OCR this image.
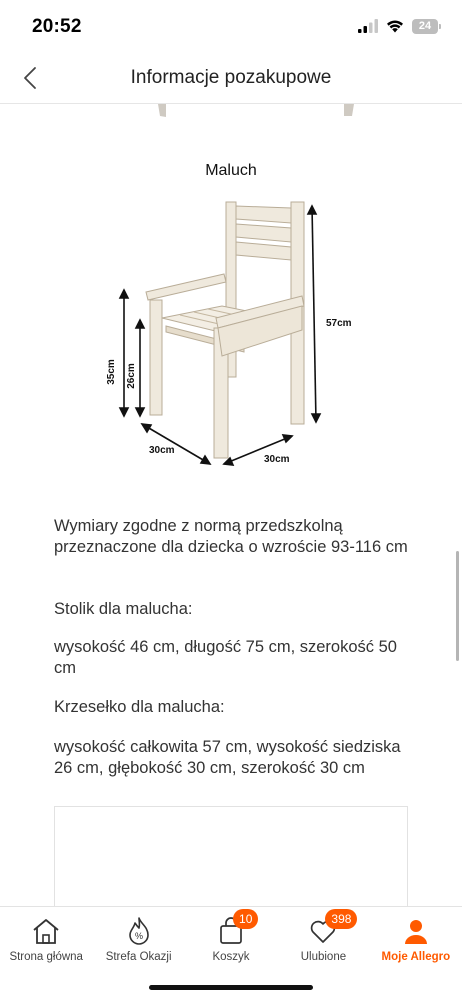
20:52	24
Informacje pozakupowe
Maluch
57cm
35cm 26cm
30cm
30cm
Wymiary zgodne z normą przedszkolną przeznaczone dla dziecka o wzroście 93-116 cm
Stolik dla malucha:
wysokość 46 cm, długość 75 cm, szerokość 50 cm
Krzesełko dla malucha:
wysokość całkowita 57 cm, wysokość siedziska 26 cm, głębokość 30 cm, szerokość 30 cm
Strona główna
%
Strefa Okazji
10
Koszyk
398
Ulubione	Moje Allegro
